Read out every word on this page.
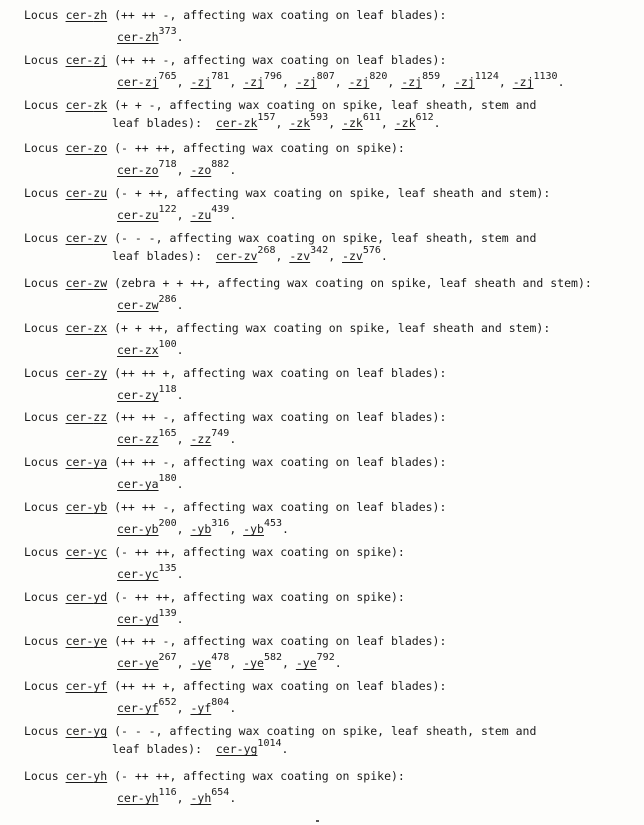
Locus cer-zh (++ ++ -, affecting wax coating on leaf blades):
cer-$zh^{373}$.
Locus cer-zj (++ ++ -, affecting wax coating on leaf blades):
cer-$zj^{765}$, $-zj^{781}$, $-zj^{796}$, $-zj^{807}$, $-zj^{820}$, $-zj^{859}$, $-zj^{1124}$, $-zj^{1130}$.
Locus cer-zk (+ + -, affecting wax coating on spike, leaf sheath, stem and
leaf blades): cer-$zk^{157}$, $-zk^{593}$, $-zk^{611}$, $-zk^{612}$.
Locus cer-zo (- ++ ++, affecting wax coating on spike):
cer-$zo^{718}$, $-zo^{882}$.
Locus cer-zu (- + ++, affecting wax coating on spike, leaf sheath and stem):
cer-$zu^{122}$, $-zu^{439}$.
Locus cer-zv (- - -, affecting wax coating on spike, leaf sheath, stem and
leaf blades): cer-$zv^{268}$, $-zv^{342}$, $-zv^{576}$.
Locus cer-zw (zebra + + ++, affecting wax coating on spike, leaf sheath and stem):
cer-$zw^{286}$.
Locus cer-zx (+ + ++, affecting wax coating on spike, leaf sheath and stem):
cer-$zx^{100}$.
Locus cer-zy (++ ++ +, affecting wax coating on leaf blades):
cer-$zy^{118}$.
Locus cer-zz (++ ++ -, affecting wax coating on leaf blades):
cer-$zz^{165}$, $-zz^{749}$.
Locus cer-ya (++ ++ -, affecting wax coating on leaf blades):
cer-$ya^{180}$.
Locus cer-yb (++ ++ -, affecting wax coating on leaf blades):
cer-$yb^{200}$, $-yb^{316}$, $-yb^{453}$.
Locus cer-yc (- ++ ++, affecting wax coating on spike):
cer-$yc^{135}$.
Locus cer-yd (- ++ ++, affecting wax coating on spike):
cer-$yd^{139}$.
Locus cer-ye (++ ++ -, affecting wax coating on leaf blades):
cer-$ye^{267}$, $-ye^{478}$, $-ye^{582}$, $-ye^{792}$.
Locus cer-yf (++ ++ +, affecting wax coating on leaf blades):
cer-$yf^{652}$, $-yf^{804}$.
Locus cer-yg (- - -, affecting wax coating on spike, leaf sheath, stem and
leaf blades): cer-$yg^{1014}$.
Locus cer-yh (- ++ ++, affecting wax coating on spike):
cer-$yh^{116}$, $-yh^{654}$.
